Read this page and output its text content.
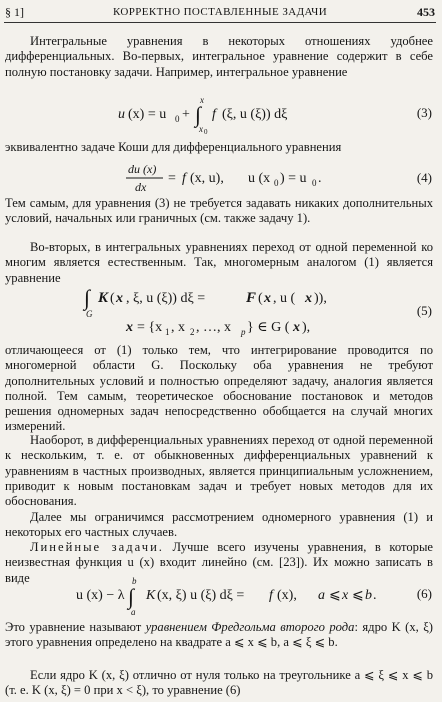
§ 1]	КОРРЕКТНО ПОСТАВЛЕННЫЕ ЗАДАЧИ	453
Интегральные уравнения в некоторых отношениях удобнее дифференциальных. Во-первых, интегральное уравнение содержит в себе полную постановку задачи. Например, интегральное уравнение
u (x) = u 0 + ∫
x
x 0
f (ξ, u (ξ)) dξ	(3)
эквивалентно задаче Коши для дифференциального уравнения
du (x)
dx
= f (x, u), u (x 0 ) = u 0 .	(4)
Тем самым, для уравнения (3) не требуется задавать никаких дополнительных условий, начальных или граничных (см. также задачу 1).
Во-вторых, в интегральных уравнениях переход от одной переменной ко многим является естественным. Так, многомерным аналогом (1) является уравнение
∫
G
K ( x , ξ, u (ξ)) dξ =	F ( x , u ( x )),
x = {x 1 , x 2 , …, x p } ∈ G ( x ),
(5)
отличающееся от (1) только тем, что интегрирование проводится по многомерной области G. Поскольку оба уравнения не требуют дополнительных условий и полностью определяют задачу, аналогия является полной. Тем самым, теоретическое обоснование постановок и методов решения одномерных задач непосредственно обобщается на случай многих измерений.
Наоборот, в дифференциальных уравнениях переход от одной переменной к нескольким, т. е. от обыкновенных дифференциальных уравнений к уравнениям в частных производных, является принципиальным усложнением, приводит к новым постановкам задач и требует новых методов для их обоснования.
Далее мы ограничимся рассмотрением одномерного уравнения (1) и некоторых его частных случаев.
Линейные задачи. Лучше всего изучены уравнения, в которые неизвестная функция u (x) входит линейно (см. [23]). Их можно записать в виде
u (x) − λ ∫
b
a
K (x, ξ) u (ξ) dξ = f (x), a ⩽ x ⩽ b .	(6)
Это уравнение называют уравнением Фредгольма второго рода: ядро K (x, ξ) этого уравнения определено на квадрате a ⩽ x ⩽ b, a ⩽ ξ ⩽ b.
Если ядро K (x, ξ) отлично от нуля только на треугольнике a ⩽ ξ ⩽ x ⩽ b (т. е. K (x, ξ) = 0 при x < ξ), то уравнение (6)
